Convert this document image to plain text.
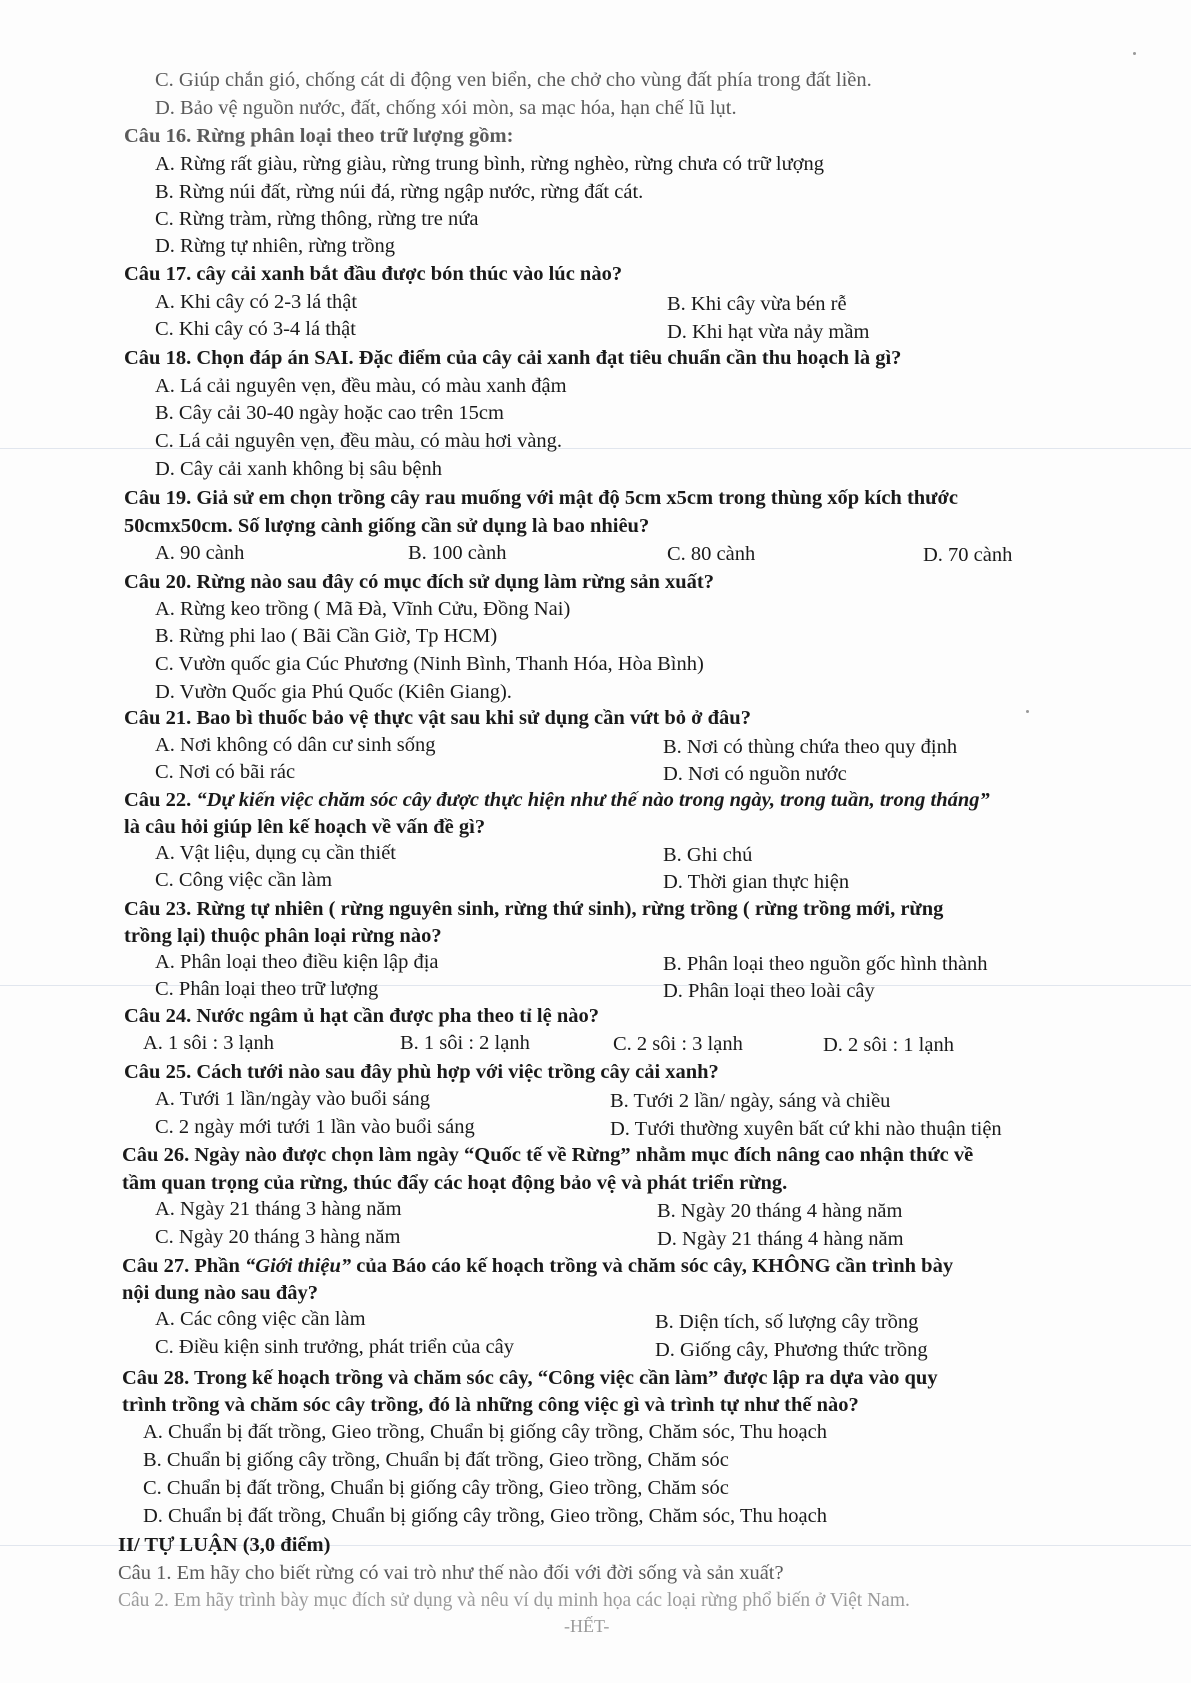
C. Giúp chắn gió, chống cát di động ven biển, che chở cho vùng đất phía trong đất liền.
D. Bảo vệ nguồn nước, đất, chống xói mòn, sa mạc hóa, hạn chế lũ lụt.
Câu 16. Rừng phân loại theo trữ lượng gồm:
A. Rừng rất giàu, rừng giàu, rừng trung bình, rừng nghèo, rừng chưa có trữ lượng
B. Rừng núi đất, rừng núi đá, rừng ngập nước, rừng đất cát.
C. Rừng tràm, rừng thông, rừng tre nứa
D. Rừng tự nhiên, rừng trồng
Câu 17. cây cải xanh bắt đầu được bón thúc vào lúc nào?
A. Khi cây có 2-3 lá thật	B. Khi cây vừa bén rễ
C. Khi cây có 3-4 lá thật	D. Khi hạt vừa nảy mầm
Câu 18. Chọn đáp án SAI. Đặc điểm của cây cải xanh đạt tiêu chuẩn cần thu hoạch là gì?
A. Lá cải nguyên vẹn, đều màu, có màu xanh đậm
B. Cây cải 30-40 ngày hoặc cao trên 15cm
C. Lá cải nguyên vẹn, đều màu, có màu hơi vàng.
D. Cây cải xanh không bị sâu bệnh
Câu 19. Giả sử em chọn trồng cây rau muống với mật độ 5cm x5cm trong thùng xốp kích thước
50cmx50cm. Số lượng cành giống cần sử dụng là bao nhiêu?
A. 90 cành	B. 100 cành	C. 80 cành	D. 70 cành
Câu 20. Rừng nào sau đây có mục đích sử dụng làm rừng sản xuất?
A. Rừng keo trồng ( Mã Đà, Vĩnh Cửu, Đồng Nai)
B. Rừng phi lao ( Bãi Cần Giờ, Tp HCM)
C. Vườn quốc gia Cúc Phương (Ninh Bình, Thanh Hóa, Hòa Bình)
D. Vườn Quốc gia Phú Quốc (Kiên Giang).
Câu 21. Bao bì thuốc bảo vệ thực vật sau khi sử dụng cần vứt bỏ ở đâu?
A. Nơi không có dân cư sinh sống	B. Nơi có thùng chứa theo quy định
C. Nơi có bãi rác	D. Nơi có nguồn nước
Câu 22. “Dự kiến việc chăm sóc cây được thực hiện như thế nào trong ngày, trong tuần, trong tháng”
là câu hỏi giúp lên kế hoạch về vấn đề gì?
A. Vật liệu, dụng cụ cần thiết	B. Ghi chú
C. Công việc cần làm	D. Thời gian thực hiện
Câu 23. Rừng tự nhiên ( rừng nguyên sinh, rừng thứ sinh), rừng trồng ( rừng trồng mới, rừng
trồng lại) thuộc phân loại rừng nào?
A. Phân loại theo điều kiện lập địa	B. Phân loại theo nguồn gốc hình thành
C. Phân loại theo trữ lượng	D. Phân loại theo loài cây
Câu 24. Nước ngâm ủ hạt cần được pha theo tỉ lệ nào?
A. 1 sôi : 3 lạnh	B. 1 sôi : 2 lạnh	C. 2 sôi : 3 lạnh	D. 2 sôi : 1 lạnh
Câu 25. Cách tưới nào sau đây phù hợp với việc trồng cây cải xanh?
A. Tưới 1 lần/ngày vào buổi sáng	B. Tưới 2 lần/ ngày, sáng và chiều
C. 2 ngày mới tưới 1 lần vào buổi sáng	D. Tưới thường xuyên bất cứ khi nào thuận tiện
Câu 26. Ngày nào được chọn làm ngày “Quốc tế về Rừng” nhằm mục đích nâng cao nhận thức về
tầm quan trọng của rừng, thúc đẩy các hoạt động bảo vệ và phát triển rừng.
A. Ngày 21 tháng 3 hàng năm	B. Ngày 20 tháng 4 hàng năm
C. Ngày 20 tháng 3 hàng năm	D. Ngày 21 tháng 4 hàng năm
Câu 27. Phần “Giới thiệu” của Báo cáo kế hoạch trồng và chăm sóc cây, KHÔNG cần trình bày
nội dung nào sau đây?
A. Các công việc cần làm	B. Diện tích, số lượng cây trồng
C. Điều kiện sinh trưởng, phát triển của cây	D. Giống cây, Phương thức trồng
Câu 28. Trong kế hoạch trồng và chăm sóc cây, “Công việc cần làm” được lập ra dựa vào quy
trình trồng và chăm sóc cây trồng, đó là những công việc gì và trình tự như thế nào?
A. Chuẩn bị đất trồng, Gieo trồng, Chuẩn bị giống cây trồng, Chăm sóc, Thu hoạch
B. Chuẩn bị giống cây trồng, Chuẩn bị đất trồng, Gieo trồng, Chăm sóc
C. Chuẩn bị đất trồng, Chuẩn bị giống cây trồng, Gieo trồng, Chăm sóc
D. Chuẩn bị đất trồng, Chuẩn bị giống cây trồng, Gieo trồng, Chăm sóc, Thu hoạch
II/ TỰ LUẬN (3,0 điểm)
Câu 1. Em hãy cho biết rừng có vai trò như thế nào đối với đời sống và sản xuất?
Câu 2. Em hãy trình bày mục đích sử dụng và nêu ví dụ minh họa các loại rừng phổ biến ở Việt Nam.
-HẾT-
